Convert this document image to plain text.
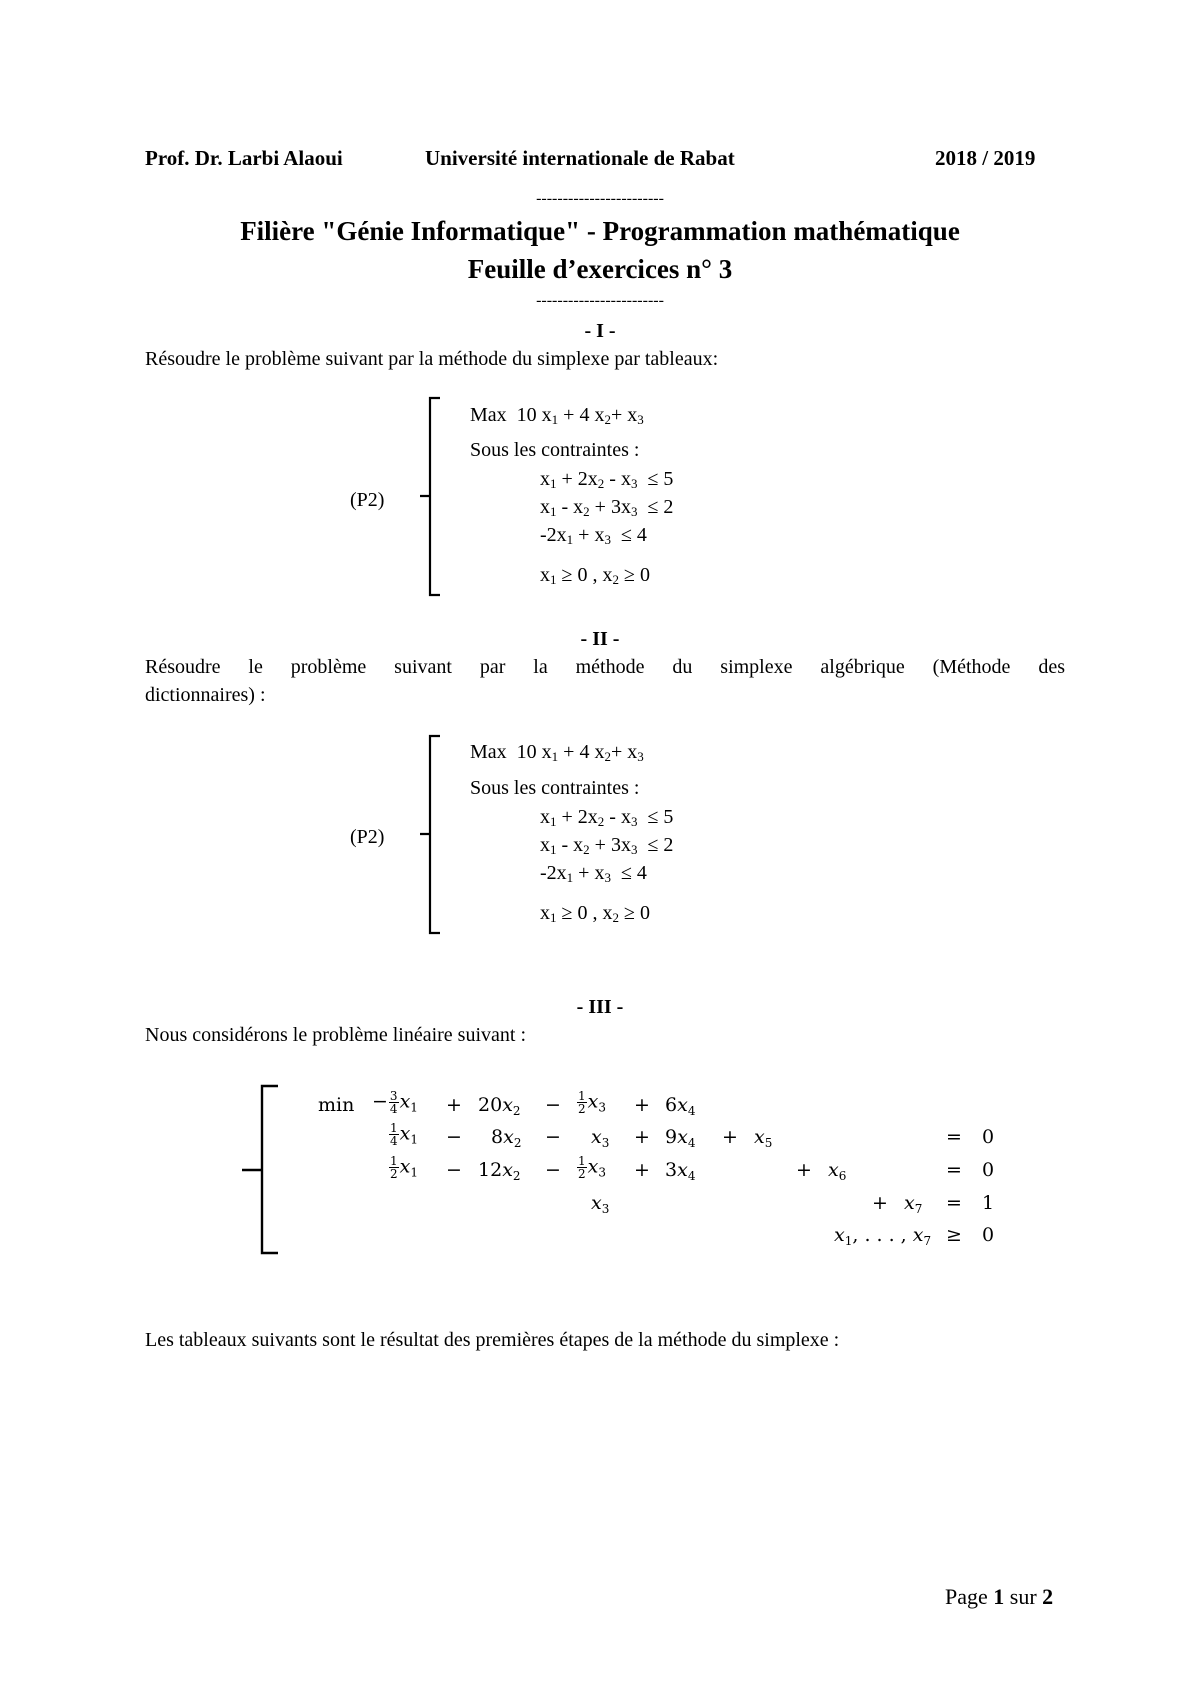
Prof. Dr. Larbi Alaoui	Université internationale de Rabat	2018 / 2019
------------------------
Filière "Génie Informatique" - Programmation mathématique
Feuille d’exercices n° 3
------------------------
- I -
Résoudre le problème suivant par la méthode du simplexe par tableaux:
(P2)
Max  10 $x_1 + 4$ $x_2+ x_3$
Sous les contraintes :
$x_1 + 2x_2 - x_3 \le 5$
$x_1 - x_2 + 3x_3 \le 2$
$-2x_1 + x_3 \le 4$
$x_1 \ge 0$ , $x_2 \ge 0$
- II -
Résoudre le problème suivant par la méthode du simplexe algébrique (Méthode des
dictionnaires) :
(P2)
Max  10 $x_1 + 4$ $x_2+ x_3$
Sous les contraintes :
$x_1 + 2x_2 - x_3 \le 5$
$x_1 - x_2 + 3x_3 \le 2$
$-2x_1 + x_3 \le 4$
$x_1 \ge 0$ , $x_2 \ge 0$
- III -
Nous considérons le problème linéaire suivant :
$\min - \frac{3}{4} x_1 + 20x_2 - \frac{1}{2} x_3 + 6x_4$
$\frac{1}{4} x_1 - 8x_2 - x_3 + 9x_4 + x_5$	= 0
$\frac{1}{2} x_1 - 12x_2 - \frac{1}{2} x_3 + 3x_4$	+ $x_6$	= 0
$x_3$	+ $x_7 = 1$
$x_1$, . . . , $x_7 \ge 0$
Les tableaux suivants sont le résultat des premières étapes de la méthode du simplexe :
Page 1 sur 2
